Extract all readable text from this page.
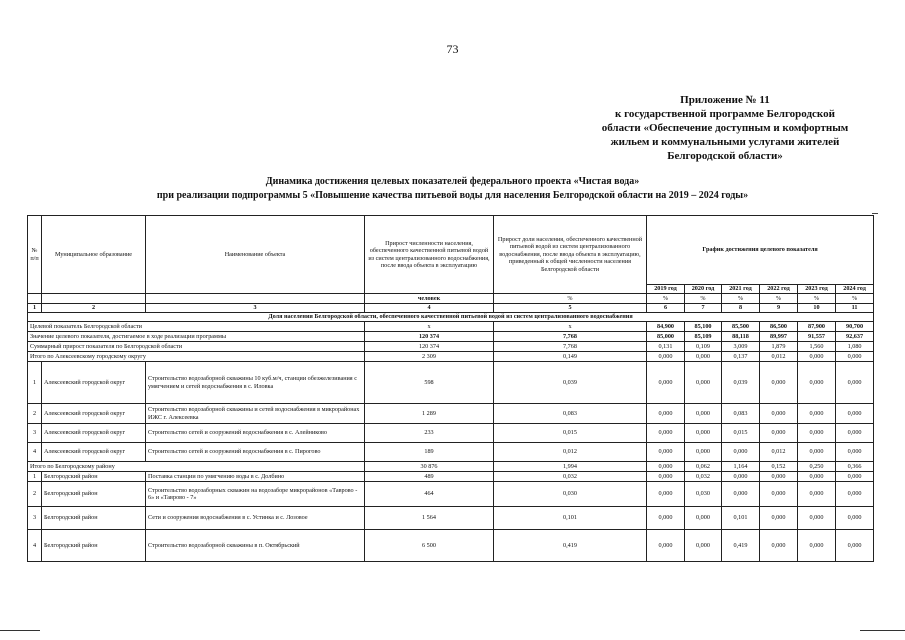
73
Приложение № 11
к государственной программе Белгородской
области «Обеспечение доступным и комфортным
жильем и коммунальными услугами жителей
Белгородской области»
Динамика достижения целевых показателей федерального проекта «Чистая вода»
при реализации подпрограммы 5 «Повышение качества питьевой воды для населения Белгородской области на 2019 – 2024 годы»
№ п/п	Муниципальное образование	Наименование объекта	Прирост численности населения, обеспеченного качественной питьевой водой из систем централизованного водоснабжения, после ввода объекта в эксплуатацию	Прирост доли населения, обеспеченного качественной питьевой водой из систем централизованного водоснабжения, после ввода объекта в эксплуатацию, приведенный к общей численности населения Белгородской области	График достижения целевого показателя					
					2019 год	2020 год	2021 год	2022 год	2023 год	2024 год
			человек	%	%	%	%	%	%	%
1	2	3	4	5	6	7	8	9	10	11
Доля населения Белгородской области, обеспеченного качественной питьевой водой из систем централизованного водоснабжения										
Целевой показатель Белгородской области			х	х	84,900	85,100	85,500	86,500	87,900	90,700
Значение целевого показателя, достигаемое в ходе реализации программы			120 374	7,768	85,000	85,109	88,118	89,997	91,557	92,637
Суммарный прирост показателя по Белгородской области			120 374	7,768	0,131	0,109	3,009	1,879	1,560	1,080
Итого по Алексеевскому городскому округу			2 309	0,149	0,000	0,000	0,137	0,012	0,000	0,000
1	Алексеевский городской округ	Строительство водозаборной скважины 10 куб.м/ч, станции обезжелезивания с умягчением и сетей водоснабжения в с. Иловка	598	0,039	0,000	0,000	0,039	0,000	0,000	0,000
2	Алексеевский городской округ	Строительство водозаборной скважины и сетей водоснабжения в микрорайонах ИЖС г. Алексеевка	1 289	0,083	0,000	0,000	0,083	0,000	0,000	0,000
3	Алексеевский городской округ	Строительство сетей и сооружений водоснабжения в с. Алейниково	233	0,015	0,000	0,000	0,015	0,000	0,000	0,000
4	Алексеевский городской округ	Строительство сетей и сооружений водоснабжения в с. Пирогово	189	0,012	0,000	0,000	0,000	0,012	0,000	0,000
Итого по Белгородскому району			30 876	1,994	0,000	0,062	1,164	0,152	0,250	0,366
1	Белгородский район	Поставка станции по умягчению воды в с. Долбино	489	0,032	0,000	0,032	0,000	0,000	0,000	0,000
2	Белгородский район	Строительство водозаборных скважин на водозаборе микрорайонов «Таврово - 6» и «Таврово - 7»	464	0,030	0,000	0,030	0,000	0,000	0,000	0,000
3	Белгородский район	Сети и сооружения водоснабжения в с. Устинка и с. Лозовое	1 564	0,101	0,000	0,000	0,101	0,000	0,000	0,000
4	Белгородский район	Строительство водозаборной скважины в п. Октябрьский	6 500	0,419	0,000	0,000	0,419	0,000	0,000	0,000
